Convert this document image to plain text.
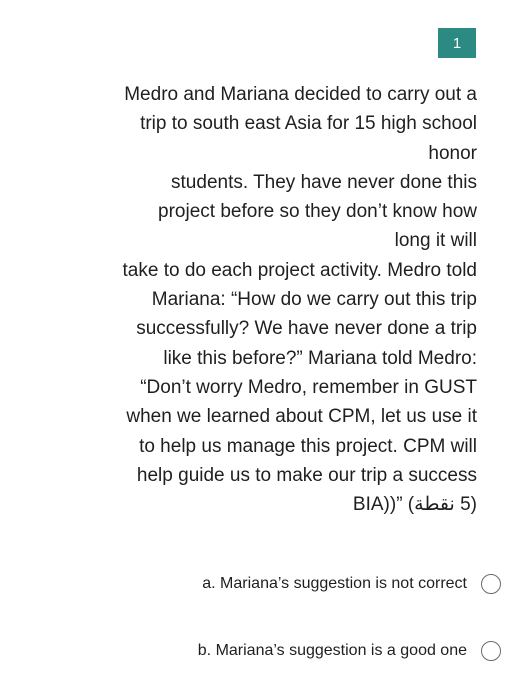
1
Medro and Mariana decided to carry out a
trip to south east Asia for 15 high school
honor
students. They have never done this
project before so they don’t know how
long it will
take to do each project activity. Medro told
Mariana: “How do we carry out this trip
successfully? We have never done a trip
like this before?” Mariana told Medro:
“Don’t worry Medro, remember in GUST
when we learned about CPM, let us use it
to help us manage this project. CPM will
help guide us to make our trip a success
(5 نقطة) ”((BIA
a. Mariana’s suggestion is not correct
b. Mariana’s suggestion is a good one
